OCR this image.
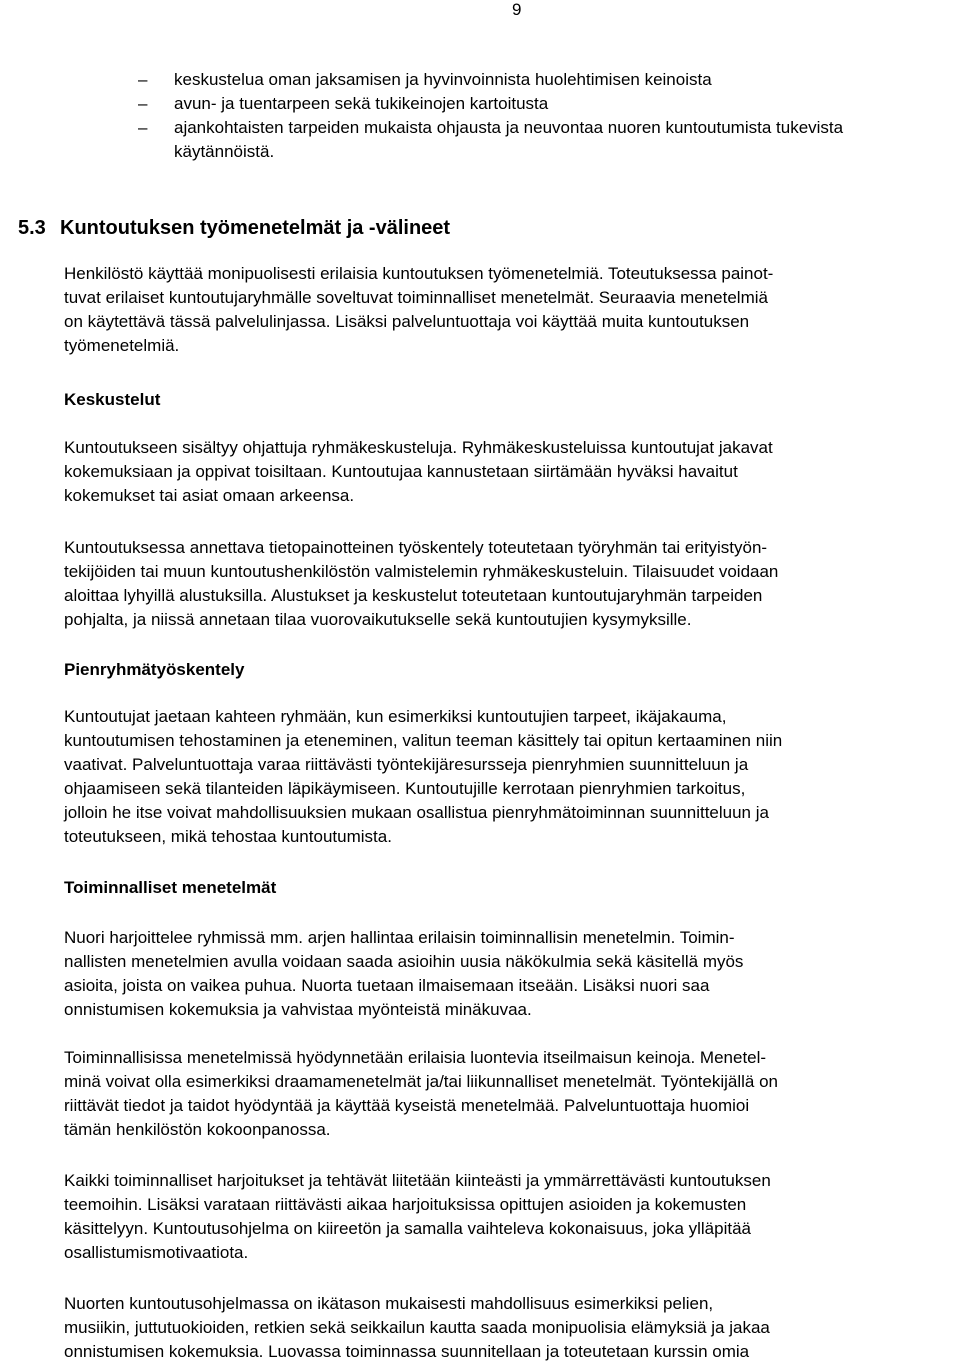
9
– keskustelua oman jaksamisen ja hyvinvoinnista huolehtimisen keinoista
– avun- ja tuentarpeen sekä tukikeinojen kartoitusta
– ajankohtaisten tarpeiden mukaista ohjausta ja neuvontaa nuoren kuntoutumista tukevista käytännöistä.
5.3 Kuntoutuksen työmenetelmät ja -välineet
Henkilöstö käyttää monipuolisesti erilaisia kuntoutuksen työmenetelmiä. Toteutuksessa painot-
tuvat erilaiset kuntoutujaryhmälle soveltuvat toiminnalliset menetelmät. Seuraavia menetelmiä
on käytettävä tässä palvelulinjassa. Lisäksi palveluntuottaja voi käyttää muita kuntoutuksen
työmenetelmiä.
Keskustelut
Kuntoutukseen sisältyy ohjattuja ryhmäkeskusteluja. Ryhmäkeskusteluissa kuntoutujat jakavat
kokemuksiaan ja oppivat toisiltaan. Kuntoutujaa kannustetaan siirtämään hyväksi havaitut
kokemukset tai asiat omaan arkeensa.
Kuntoutuksessa annettava tietopainotteinen työskentely toteutetaan työryhmän tai erityistyön-
tekijöiden tai muun kuntoutushenkilöstön valmistelemin ryhmäkeskusteluin. Tilaisuudet voidaan
aloittaa lyhyillä alustuksilla. Alustukset ja keskustelut toteutetaan kuntoutujaryhmän tarpeiden
pohjalta, ja niissä annetaan tilaa vuorovaikutukselle sekä kuntoutujien kysymyksille.
Pienryhmätyöskentely
Kuntoutujat jaetaan kahteen ryhmään, kun esimerkiksi kuntoutujien tarpeet, ikäjakauma,
kuntoutumisen tehostaminen ja eteneminen, valitun teeman käsittely tai opitun kertaaminen niin
vaativat. Palveluntuottaja varaa riittävästi työntekijäresursseja pienryhmien suunnitteluun ja
ohjaamiseen sekä tilanteiden läpikäymiseen. Kuntoutujille kerrotaan pienryhmien tarkoitus,
jolloin he itse voivat mahdollisuuksien mukaan osallistua pienryhmätoiminnan suunnitteluun ja
toteutukseen, mikä tehostaa kuntoutumista.
Toiminnalliset menetelmät
Nuori harjoittelee ryhmissä mm. arjen hallintaa erilaisin toiminnallisin menetelmin. Toimin-
nallisten menetelmien avulla voidaan saada asioihin uusia näkökulmia sekä käsitellä myös
asioita, joista on vaikea puhua. Nuorta tuetaan ilmaisemaan itseään. Lisäksi nuori saa
onnistumisen kokemuksia ja vahvistaa myönteistä minäkuvaa.
Toiminnallisissa menetelmissä hyödynnetään erilaisia luontevia itseilmaisun keinoja. Menetel-
minä voivat olla esimerkiksi draamamenetelmät ja/tai liikunnalliset menetelmät. Työntekijällä on
riittävät tiedot ja taidot hyödyntää ja käyttää kyseistä menetelmää. Palveluntuottaja huomioi
tämän henkilöstön kokoonpanossa.
Kaikki toiminnalliset harjoitukset ja tehtävät liitetään kiinteästi ja ymmärrettävästi kuntoutuksen
teemoihin. Lisäksi varataan riittävästi aikaa harjoituksissa opittujen asioiden ja kokemusten
käsittelyyn. Kuntoutusohjelma on kiireetön ja samalla vaihteleva kokonaisuus, joka ylläpitää
osallistumismotivaatiota.
Nuorten kuntoutusohjelmassa on ikätason mukaisesti mahdollisuus esimerkiksi pelien,
musiikin, juttutuokioiden, retkien sekä seikkailun kautta saada monipuolisia elämyksiä ja jakaa
onnistumisen kokemuksia. Luovassa toiminnassa suunnitellaan ja toteutetaan kurssin omia
